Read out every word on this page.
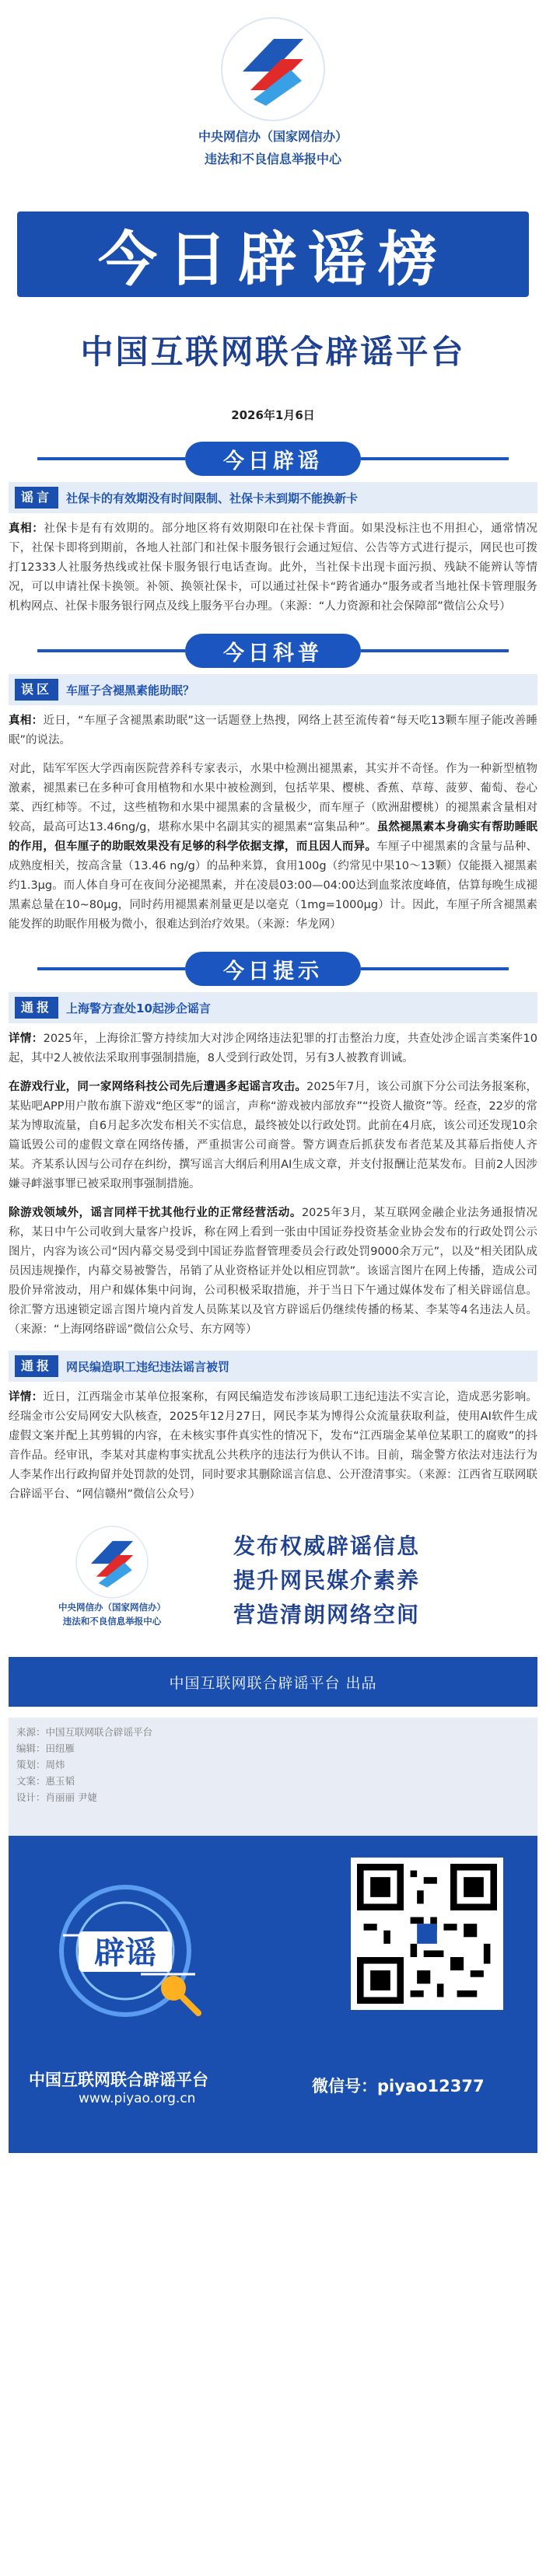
中央网信办（国家网信办）
违法和不良信息举报中心
今日辟谣榜
中国互联网联合辟谣平台
2026年1月6日
今日辟谣
谣言	社保卡的有效期没有时间限制、社保卡未到期不能换新卡

真相：社保卡是有有效期的。部分地区将有效期限印在社保卡背面。如果没标注也不用担心，通常情况下，社保卡即将到期前，各地人社部门和社保卡服务银行会通过短信、公告等方式进行提示，网民也可拨打12333人社服务热线或社保卡服务银行电话查询。此外，当社保卡出现卡面污损、残缺不能辨认等情况，可以申请社保卡换领。补领、换领社保卡，可以通过社保卡“跨省通办”服务或者当地社保卡管理服务机构网点、社保卡服务银行网点及线上服务平台办理。（来源：“人力资源和社会保障部”微信公众号）

今日科普
误区	车厘子含褪黑素能助眠？

真相：近日，“车厘子含褪黑素助眠”这一话题登上热搜，网络上甚至流传着“每天吃13颗车厘子能改善睡眠”的说法。

对此，陆军军医大学西南医院营养科专家表示，水果中检测出褪黑素，其实并不奇怪。作为一种新型植物激素，褪黑素已在多种可食用植物和水果中被检测到，包括苹果、樱桃、香蕉、草莓、菠萝、葡萄、卷心菜、西红柿等。不过，这些植物和水果中褪黑素的含量极少，而车厘子（欧洲甜樱桃）的褪黑素含量相对较高，最高可达13.46ng/g，堪称水果中名副其实的褪黑素“富集品种”。虽然褪黑素本身确实有帮助睡眠的作用，但车厘子的助眠效果没有足够的科学依据支撑，而且因人而异。车厘子中褪黑素的含量与品种、成熟度相关，按高含量（13.46 ng/g）的品种来算，食用100g（约常见中果10～13颗）仅能摄入褪黑素约1.3μg。而人体自身可在夜间分泌褪黑素，并在凌晨03:00—04:00达到血浆浓度峰值，估算每晚生成褪黑素总量在10~80μg，同时药用褪黑素剂量更是以毫克（1mg=1000μg）计。因此，车厘子所含褪黑素能发挥的助眠作用极为微小，很难达到治疗效果。（来源：华龙网）

今日提示
通报	上海警方查处10起涉企谣言

详情：2025年，上海徐汇警方持续加大对涉企网络违法犯罪的打击整治力度，共查处涉企谣言类案件10起，其中2人被依法采取刑事强制措施，8人受到行政处罚，另有3人被教育训诫。

在游戏行业，同一家网络科技公司先后遭遇多起谣言攻击。2025年7月，该公司旗下分公司法务报案称，某贴吧APP用户散布旗下游戏“绝区零”的谣言，声称“游戏被内部放弃”“投资人撤资”等。经查，22岁的常某为博取流量，自6月起多次发布相关不实信息，最终被处以行政处罚。此前在4月底，该公司还发现10余篇诋毁公司的虚假文章在网络传播，严重损害公司商誉。警方调查后抓获发布者范某及其幕后指使人齐某。齐某系认因与公司存在纠纷，撰写谣言大纲后利用AI生成文章，并支付报酬让范某发布。目前2人因涉嫌寻衅滋事罪已被采取刑事强制措施。

除游戏领域外，谣言同样干扰其他行业的正常经营活动。2025年3月，某互联网金融企业法务通报情况称，某日中午公司收到大量客户投诉，称在网上看到一张由中国证券投资基金业协会发布的行政处罚公示图片，内容为该公司“因内幕交易受到中国证券监督管理委员会行政处罚9000余万元”，以及“相关团队成员因违规操作，内幕交易被警告，吊销了从业资格证并处以相应罚款”。该谣言图片在网上传播，造成公司股价异常波动，用户和媒体集中问询，公司积极采取措施，并于当日下午通过媒体发布了相关辟谣信息。徐汇警方迅速锁定谣言图片境内首发人员陈某以及官方辟谣后仍继续传播的杨某、李某等4名违法人员。（来源：“上海网络辟谣”微信公众号、东方网等）

通报	网民编造职工违纪违法谣言被罚

详情：近日，江西瑞金市某单位报案称，有网民编造发布涉该局职工违纪违法不实言论，造成恶劣影响。经瑞金市公安局网安大队核查，2025年12月27日，网民李某为博得公众流量获取利益，使用AI软件生成虚假文案并配上其剪辑的内容，在未核实事件真实性的情况下，发布“江西瑞金某单位某职工的腐败”的抖音作品。经审讯，李某对其虚构事实扰乱公共秩序的违法行为供认不讳。目前，瑞金警方依法对违法行为人李某作出行政拘留并处罚款的处罚，同时要求其删除谣言信息、公开澄清事实。（来源：江西省互联网联合辟谣平台、“网信赣州”微信公众号）

中央网信办（国家网信办）
违法和不良信息举报中心
发布权威辟谣信息
提升网民媒介素养
营造清朗网络空间
中国互联网联合辟谣平台 出品
来源：中国互联网联合辟谣平台
编辑：田纽雁
策划：周炜
文案：惠玉韬
设计：肖丽丽 尹婕
辟谣
中国互联网联合辟谣平台
www.piyao.org.cn
微信号：piyao12377
